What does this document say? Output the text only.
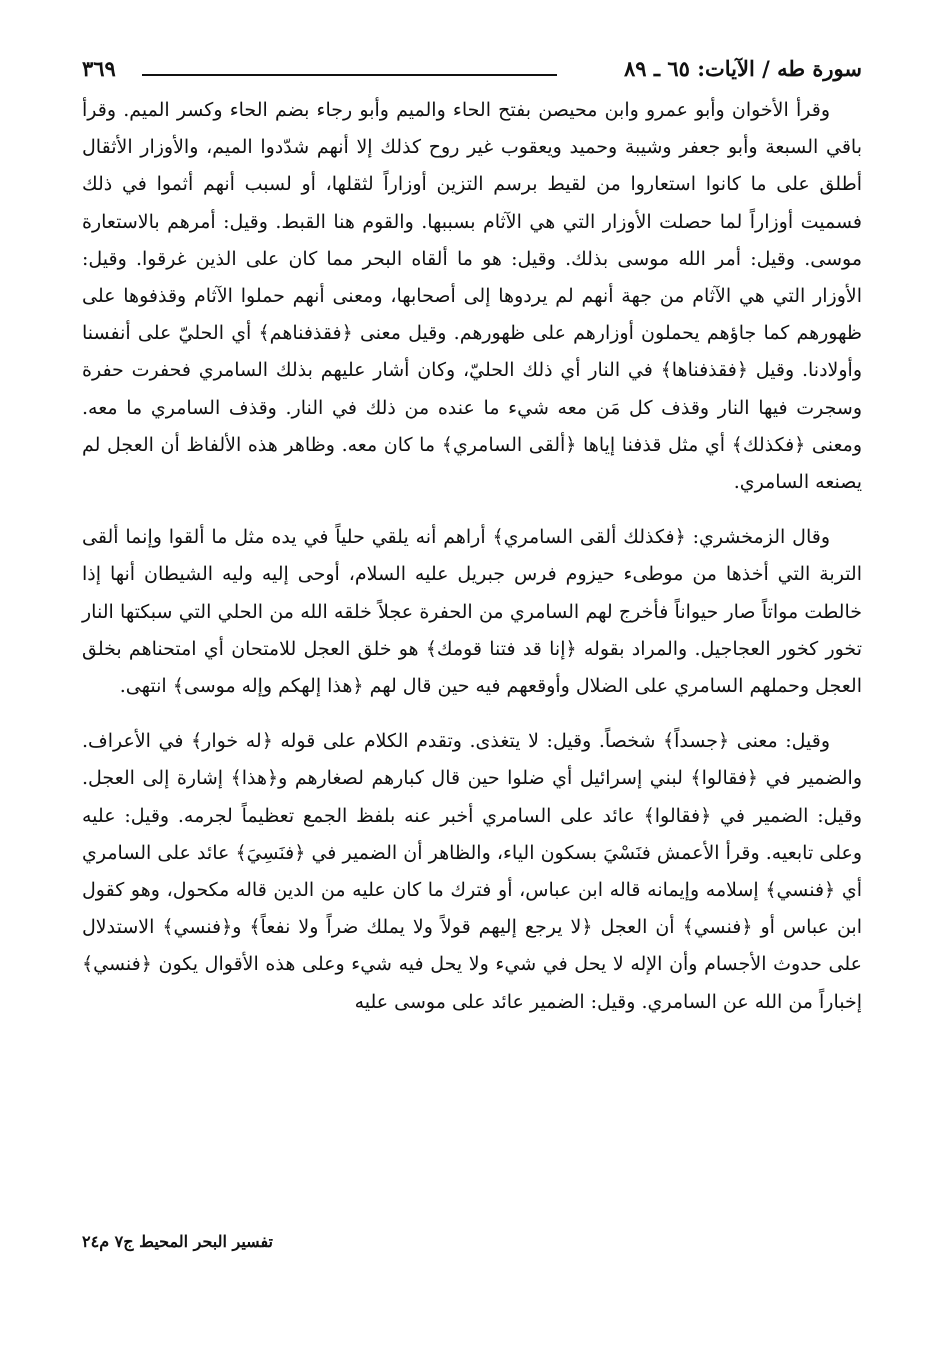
سورة طه / الآيات: ٦٥ ـ ٨٩
٣٦٩

وقرأ الأخوان وأبو عمرو وابن محيصن بفتح الحاء والميم وأبو رجاء بضم الحاء وكسر الميم. وقرأ باقي السبعة وأبو جعفر وشيبة وحميد ويعقوب غير روح كذلك إلا أنهم شدّدوا الميم، والأوزار الأثقال أطلق على ما كانوا استعاروا من لقيط برسم التزين أوزاراً لثقلها، أو لسبب أنهم أثموا في ذلك فسميت أوزاراً لما حصلت الأوزار التي هي الآثام بسببها. والقوم هنا القبط. وقيل: أمرهم بالاستعارة موسى. وقيل: أمر الله موسى بذلك. وقيل: هو ما ألقاه البحر مما كان على الذين غرقوا. وقيل: الأوزار التي هي الآثام من جهة أنهم لم يردوها إلى أصحابها، ومعنى أنهم حملوا الآثام وقذفوها على ظهورهم كما جاؤهم يحملون أوزارهم على ظهورهم. وقيل معنى ﴿فقذفناهم﴾ أي الحليّ على أنفسنا وأولادنا. وقيل ﴿فقذفناها﴾ في النار أي ذلك الحليّ، وكان أشار عليهم بذلك السامري فحفرت حفرة وسجرت فيها النار وقذف كل مَن معه شيء ما عنده من ذلك في النار. وقذف السامري ما معه. ومعنى ﴿فكذلك﴾ أي مثل قذفنا إياها ﴿ألقى السامري﴾ ما كان معه. وظاهر هذه الألفاظ أن العجل لم يصنعه السامري.

وقال الزمخشري: ﴿فكذلك ألقى السامري﴾ أراهم أنه يلقي حلياً في يده مثل ما ألقوا وإنما ألقى التربة التي أخذها من موطىء حيزوم فرس جبريل عليه السلام، أوحى إليه وليه الشيطان أنها إذا خالطت مواتاً صار حيواناً فأخرج لهم السامري من الحفرة عجلاً خلقه الله من الحلي التي سبكتها النار تخور كخور العجاجيل. والمراد بقوله ﴿إنا قد فتنا قومك﴾ هو خلق العجل للامتحان أي امتحناهم بخلق العجل وحملهم السامري على الضلال وأوقعهم فيه حين قال لهم ﴿هذا إلهكم وإله موسى﴾ انتهى.

وقيل: معنى ﴿جسداً﴾ شخصاً. وقيل: لا يتغذى. وتقدم الكلام على قوله ﴿له خوار﴾ في الأعراف. والضمير في ﴿فقالوا﴾ لبني إسرائيل أي ضلوا حين قال كبارهم لصغارهم و﴿هذا﴾ إشارة إلى العجل. وقيل: الضمير في ﴿فقالوا﴾ عائد على السامري أخبر عنه بلفظ الجمع تعظيماً لجرمه. وقيل: عليه وعلى تابعيه. وقرأ الأعمش فنَسْيَ بسكون الياء، والظاهر أن الضمير في ﴿فنَسِيَ﴾ عائد على السامري أي ﴿فنسي﴾ إسلامه وإيمانه قاله ابن عباس، أو فترك ما كان عليه من الدين قاله مكحول، وهو كقول ابن عباس أو ﴿فنسي﴾ أن العجل ﴿لا يرجع إليهم قولاً ولا يملك ضراً ولا نفعاً﴾ و﴿فنسي﴾ الاستدلال على حدوث الأجسام وأن الإله لا يحل في شيء ولا يحل فيه شيء وعلى هذه الأقوال يكون ﴿فنسي﴾ إخباراً من الله عن السامري. وقيل: الضمير عائد على موسى عليه

تفسير البحر المحيط ج٧ م٢٤
